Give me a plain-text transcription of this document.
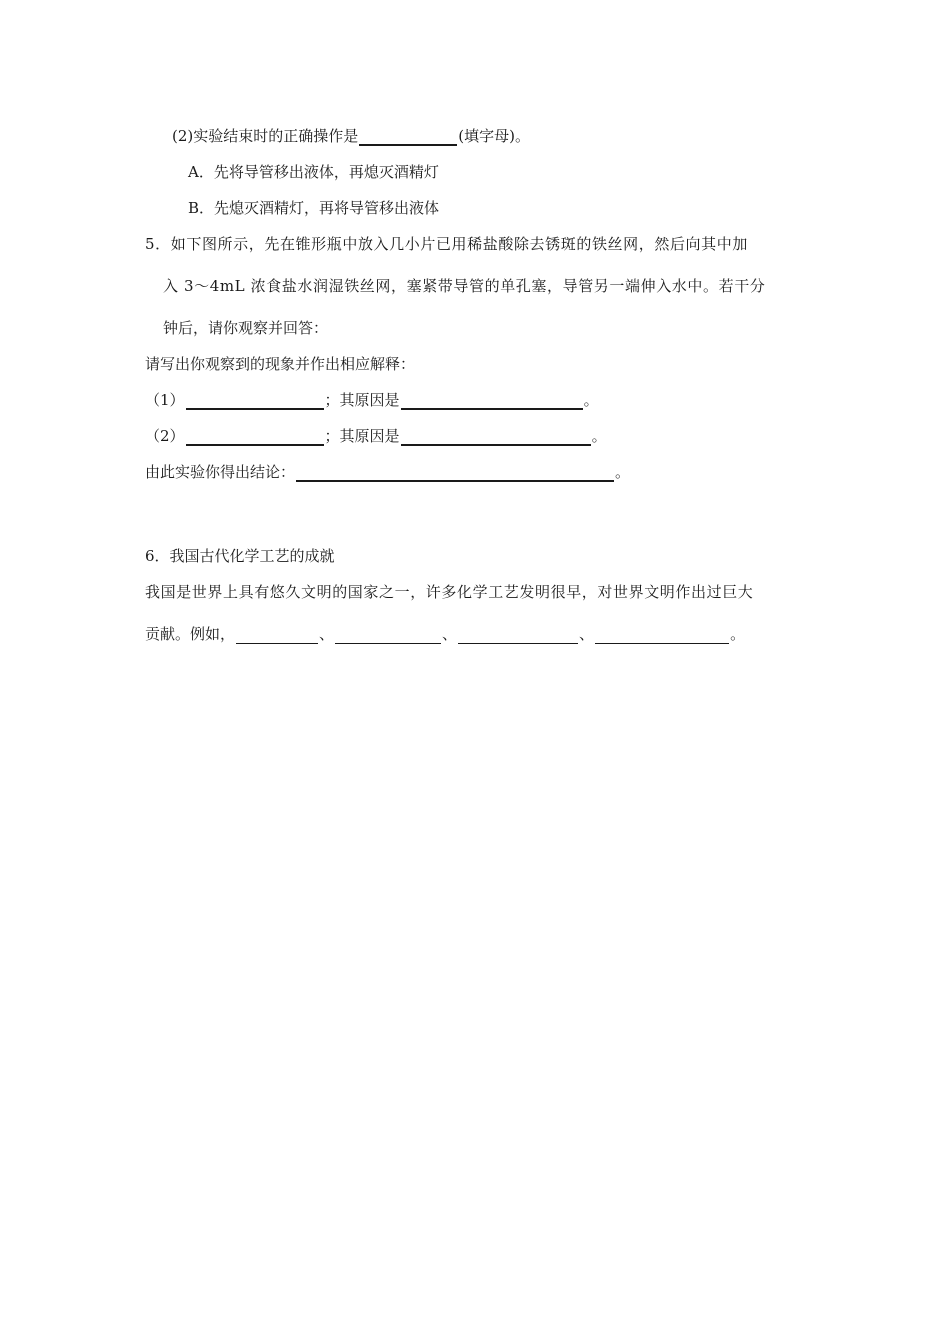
(2)实验结束时的正确操作是	(填字母)。
A．先将导管移出液体，再熄灭酒精灯
B．先熄灭酒精灯，再将导管移出液体
5．如下图所示，先在锥形瓶中放入几小片已用稀盐酸除去锈斑的铁丝网，然后向其中加
入 3～4mL 浓食盐水润湿铁丝网，塞紧带导管的单孔塞，导管另一端伸入水中。若干分
钟后，请你观察并回答：
请写出你观察到的现象并作出相应解释：
（1）	；其原因是	。
（2）	；其原因是	。
由此实验你得出结论：	。
6．我国古代化学工艺的成就
我国是世界上具有悠久文明的国家之一，许多化学工艺发明很早，对世界文明作出过巨大
贡献。例如，	、	、	、	。
